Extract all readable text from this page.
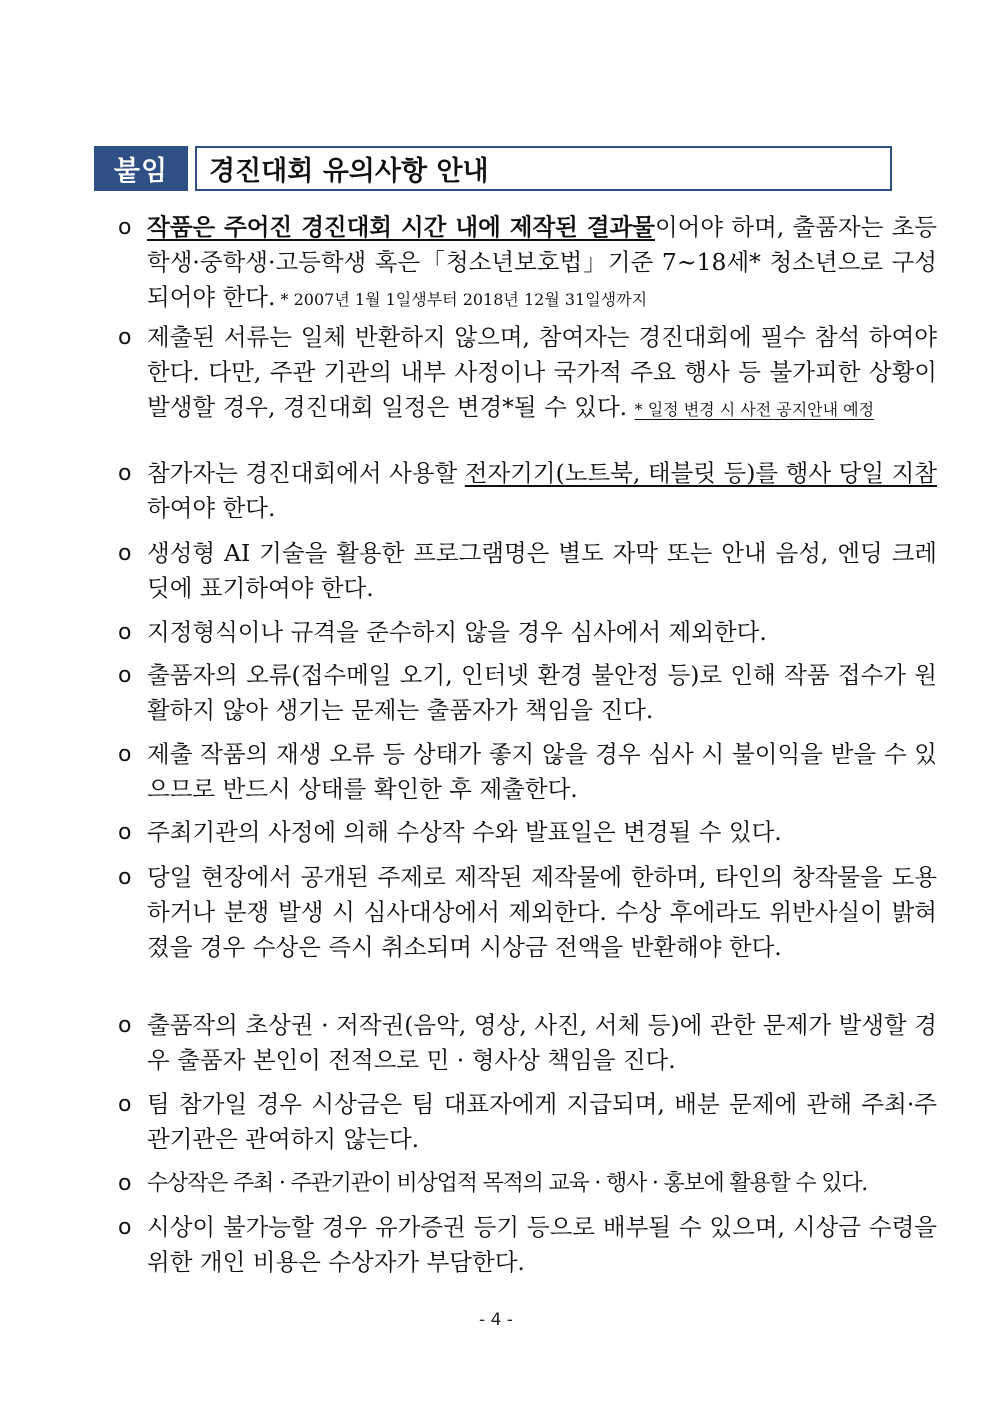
붙임	경진대회 유의사항 안내
o 작품은 주어진 경진대회 시간 내에 제작된 결과물이어야 하며, 출품자는 초등학생·중학생·고등학생 혹은「청소년보호법」기준 7~18세* 청소년으로 구성되어야 한다. * 2007년 1월 1일생부터 2018년 12월 31일생까지
o 제출된 서류는 일체 반환하지 않으며, 참여자는 경진대회에 필수 참석 하여야 한다. 다만, 주관 기관의 내부 사정이나 국가적 주요 행사 등 불가피한 상황이 발생할 경우, 경진대회 일정은 변경*될 수 있다. * 일정 변경 시 사전 공지안내 예정
o 참가자는 경진대회에서 사용할 전자기기(노트북, 태블릿 등)를 행사 당일 지참하여야 한다.
o 생성형 AI 기술을 활용한 프로그램명은 별도 자막 또는 안내 음성, 엔딩 크레딧에 표기하여야 한다.
o 지정형식이나 규격을 준수하지 않을 경우 심사에서 제외한다.
o 출품자의 오류(접수메일 오기, 인터넷 환경 불안정 등)로 인해 작품 접수가 원활하지 않아 생기는 문제는 출품자가 책임을 진다.
o 제출 작품의 재생 오류 등 상태가 좋지 않을 경우 심사 시 불이익을 받을 수 있으므로 반드시 상태를 확인한 후 제출한다.
o 주최기관의 사정에 의해 수상작 수와 발표일은 변경될 수 있다.
o 당일 현장에서 공개된 주제로 제작된 제작물에 한하며, 타인의 창작물을 도용하거나 분쟁 발생 시 심사대상에서 제외한다. 수상 후에라도 위반사실이 밝혀졌을 경우 수상은 즉시 취소되며 시상금 전액을 반환해야 한다.
o 출품작의 초상권 · 저작권(음악, 영상, 사진, 서체 등)에 관한 문제가 발생할 경우 출품자 본인이 전적으로 민 · 형사상 책임을 진다.
o 팀 참가일 경우 시상금은 팀 대표자에게 지급되며, 배분 문제에 관해 주최·주관기관은 관여하지 않는다.
o 수상작은 주최 · 주관기관이 비상업적 목적의 교육 · 행사 · 홍보에 활용할 수 있다.
o 시상이 불가능할 경우 유가증권 등기 등으로 배부될 수 있으며, 시상금 수령을 위한 개인 비용은 수상자가 부담한다.
- 4 -
